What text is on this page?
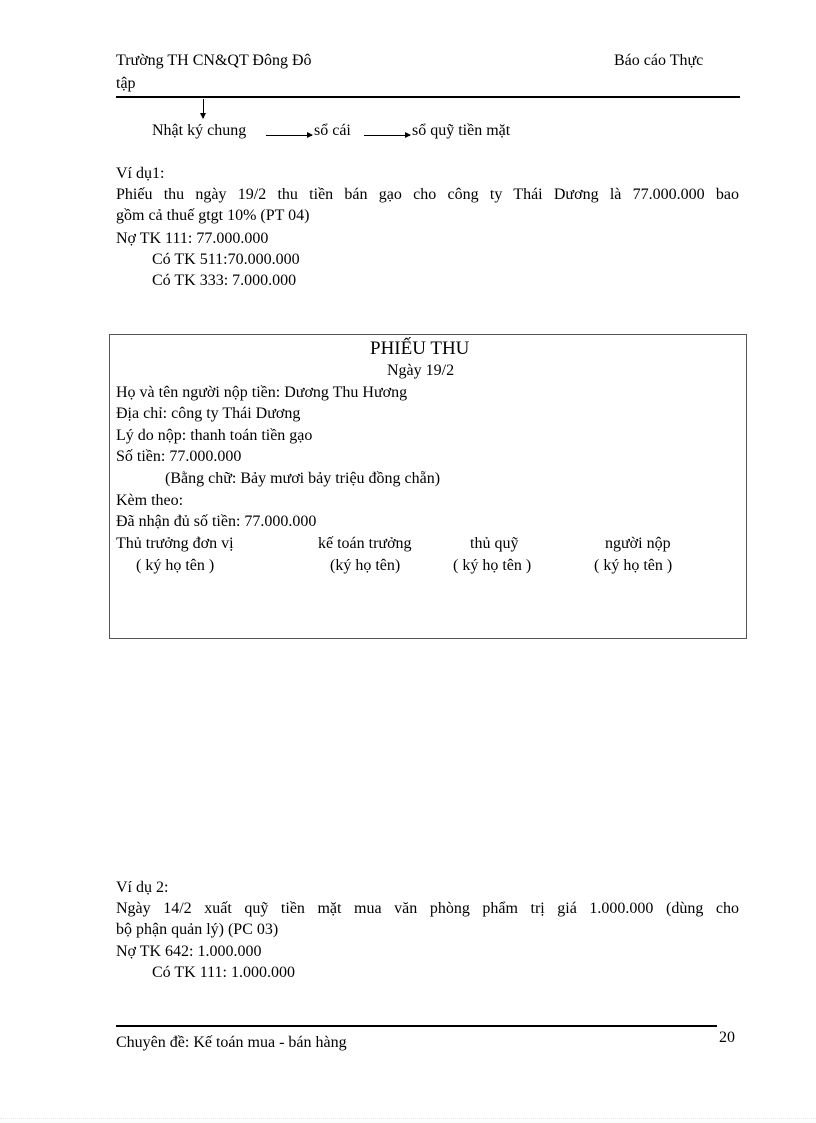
Trường TH CN&QT Đông Đô	Báo cáo Thực
tập
Nhật ký chung	sổ cái	sổ quỹ tiền mặt
Ví dụ1:
Phiếu thu ngày 19/2 thu tiền bán gạo cho công ty Thái Dương là 77.000.000 bao
gồm cả thuế gtgt 10% (PT 04)
Nợ TK 111: 77.000.000
Có TK 511:70.000.000
Có TK 333: 7.000.000
PHIẾU THU
Ngày 19/2
Họ và tên người nộp tiền: Dương Thu Hương
Địa chỉ: công ty Thái Dương
Lý do nộp: thanh toán tiền gạo
Số tiền: 77.000.000
(Bằng chữ: Bảy mươi bảy triệu đồng chẵn)
Kèm theo:
Đã nhận đủ số tiền: 77.000.000
Thủ trưởng đơn vị	kế toán trưởng	thủ quỹ	người nộp
( ký họ tên )	(ký họ tên)	( ký họ tên )	( ký họ tên )
Ví dụ 2:
Ngày 14/2 xuất quỹ tiền mặt mua văn phòng phẩm trị giá 1.000.000 (dùng cho
bộ phận quản lý) (PC 03)
Nợ TK 642: 1.000.000
Có TK 111: 1.000.000
Chuyên đề: Kế toán mua - bán hàng	20
